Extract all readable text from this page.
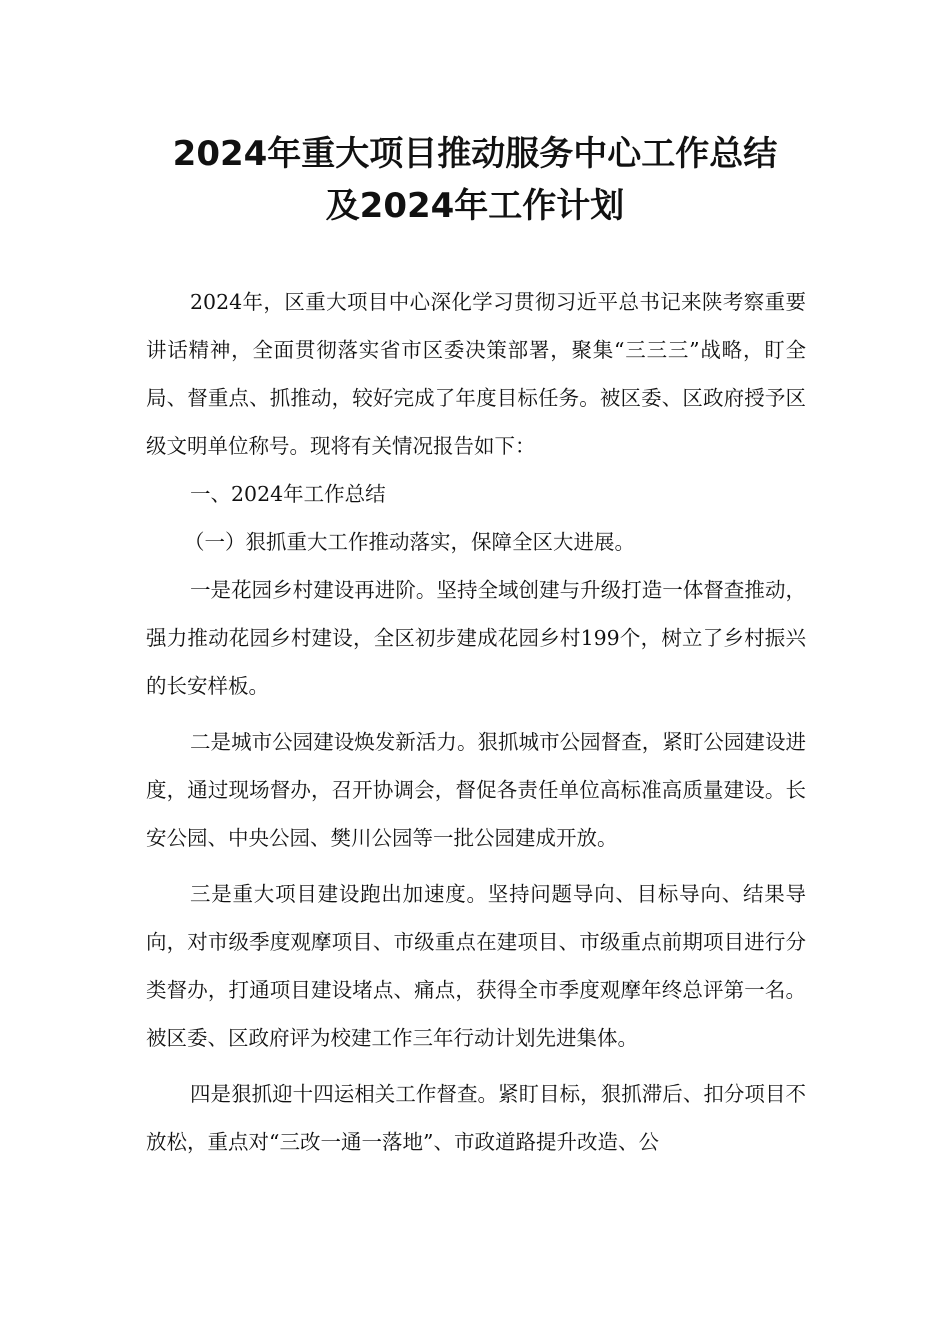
2024年重大项目推动服务中心工作总结
及2024年工作计划

2024年，区重大项目中心深化学习贯彻习近平总书记来陕考察重要讲话精神，全面贯彻落实省市区委决策部署，聚集“三三三”战略，盯全局、督重点、抓推动，较好完成了年度目标任务。被区委、区政府授予区级文明单位称号。现将有关情况报告如下：

一、2024年工作总结

（一）狠抓重大工作推动落实，保障全区大进展。

一是花园乡村建设再进阶。坚持全域创建与升级打造一体督查推动，强力推动花园乡村建设，全区初步建成花园乡村199个，树立了乡村振兴的长安样板。

二是城市公园建设焕发新活力。狠抓城市公园督查，紧盯公园建设进度，通过现场督办，召开协调会，督促各责任单位高标准高质量建设。长安公园、中央公园、樊川公园等一批公园建成开放。

三是重大项目建设跑出加速度。坚持问题导向、目标导向、结果导向，对市级季度观摩项目、市级重点在建项目、市级重点前期项目进行分类督办，打通项目建设堵点、痛点，获得全市季度观摩年终总评第一名。被区委、区政府评为校建工作三年行动计划先进集体。

四是狠抓迎十四运相关工作督查。紧盯目标，狠抓滞后、扣分项目不放松，重点对“三改一通一落地”、市政道路提升改造、公
